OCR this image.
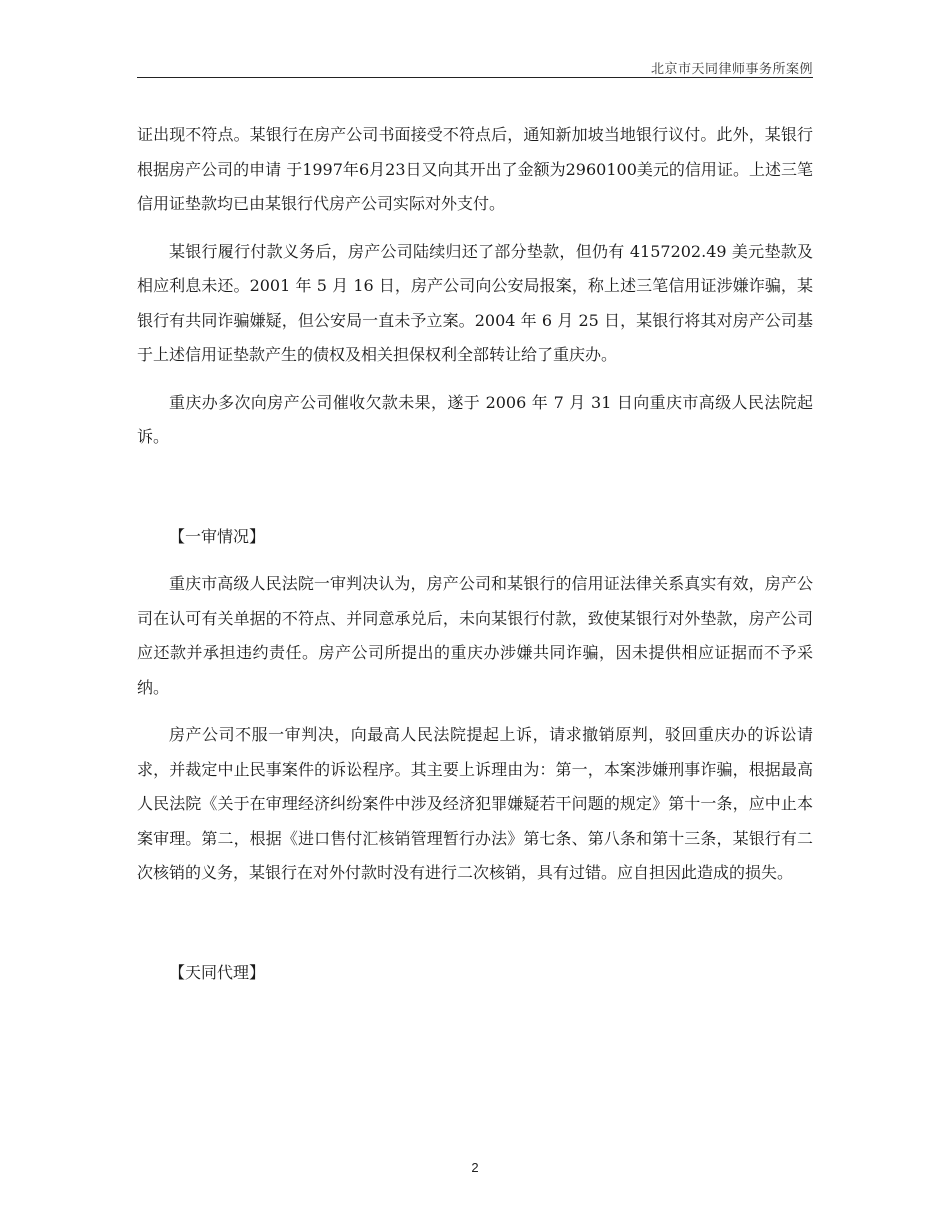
北京市天同律师事务所案例

证出现不符点。某银行在房产公司书面接受不符点后，通知新加坡当地银行议付。此外，某银行根据房产公司的申请 于1997年6月23日又向其开出了金额为2960100美元的信用证。上述三笔信用证垫款均已由某银行代房产公司实际对外支付。

某银行履行付款义务后，房产公司陆续归还了部分垫款，但仍有 4157202.49 美元垫款及相应利息未还。2001 年 5 月 16 日，房产公司向公安局报案，称上述三笔信用证涉嫌诈骗，某银行有共同诈骗嫌疑，但公安局一直未予立案。2004 年 6 月 25 日，某银行将其对房产公司基于上述信用证垫款产生的债权及相关担保权利全部转让给了重庆办。

重庆办多次向房产公司催收欠款未果，遂于 2006 年 7 月 31 日向重庆市高级人民法院起诉。

【一审情况】

重庆市高级人民法院一审判决认为，房产公司和某银行的信用证法律关系真实有效，房产公司在认可有关单据的不符点、并同意承兑后，未向某银行付款，致使某银行对外垫款，房产公司应还款并承担违约责任。房产公司所提出的重庆办涉嫌共同诈骗，因未提供相应证据而不予采纳。

房产公司不服一审判决，向最高人民法院提起上诉，请求撤销原判，驳回重庆办的诉讼请求，并裁定中止民事案件的诉讼程序。其主要上诉理由为：第一，本案涉嫌刑事诈骗，根据最高人民法院《关于在审理经济纠纷案件中涉及经济犯罪嫌疑若干问题的规定》第十一条，应中止本案审理。第二，根据《进口售付汇核销管理暂行办法》第七条、第八条和第十三条，某银行有二次核销的义务，某银行在对外付款时没有进行二次核销，具有过错。应自担因此造成的损失。

【天同代理】
2
